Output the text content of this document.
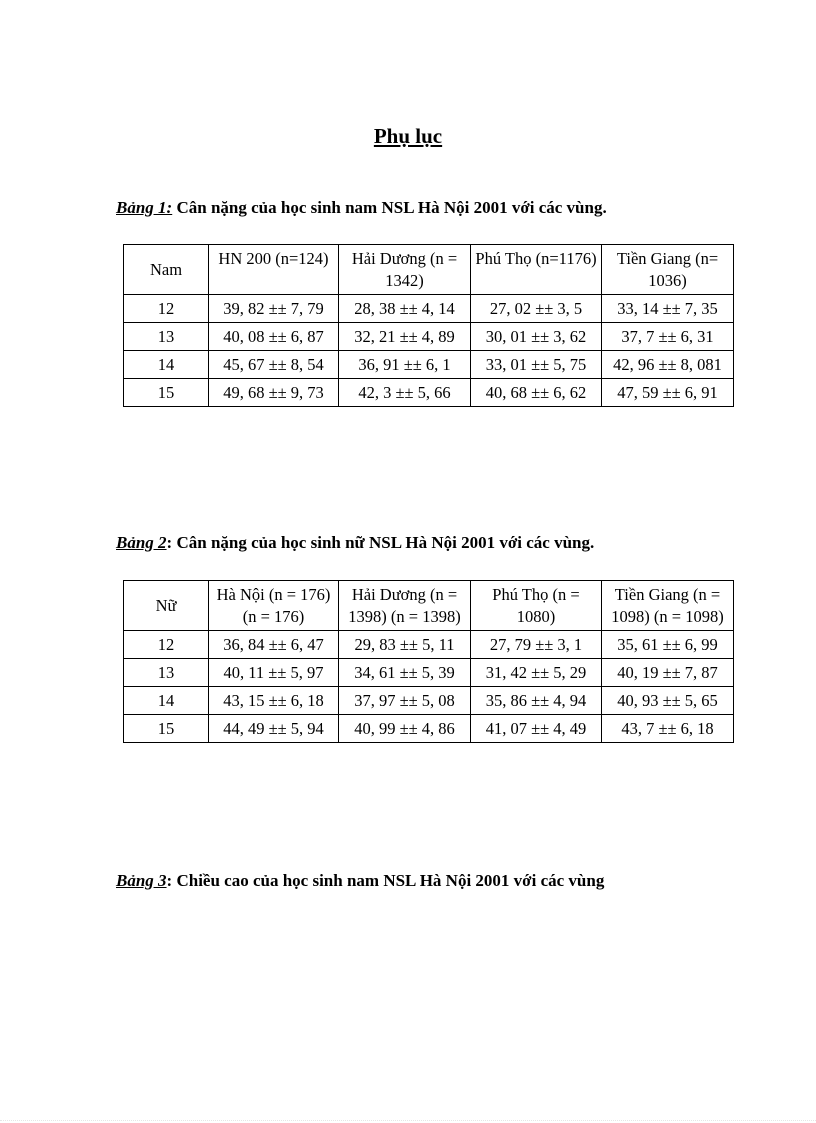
Phụ lục

Bảng 1: Cân nặng của học sinh nam NSL Hà Nội 2001 với các vùng.

Nam	HN 200 (n=124)	Hải Dương (n = 1342)	Phú Thọ (n=1176)	Tiền Giang (n= 1036)
12	39, 82 ±± 7, 79	28, 38 ±± 4, 14	27, 02 ±± 3, 5	33, 14 ±± 7, 35
13	40, 08 ±± 6, 87	32, 21 ±± 4, 89	30, 01 ±± 3, 62	37, 7 ±± 6, 31
14	45, 67 ±± 8, 54	36, 91 ±± 6, 1	33, 01 ±± 5, 75	42, 96 ±± 8, 081
15	49, 68 ±± 9, 73	42, 3 ±± 5, 66	40, 68 ±± 6, 62	47, 59 ±± 6, 91

Bảng 2: Cân nặng của học sinh nữ NSL Hà Nội 2001 với các vùng.

Nữ	Hà Nội (n = 176) (n = 176)	Hải Dương (n = 1398) (n = 1398)	Phú Thọ (n = 1080)	Tiền Giang (n = 1098) (n = 1098)
12	36, 84 ±± 6, 47	29, 83 ±± 5, 11	27, 79 ±± 3, 1	35, 61 ±± 6, 99
13	40, 11 ±± 5, 97	34, 61 ±± 5, 39	31, 42 ±± 5, 29	40, 19 ±± 7, 87
14	43, 15 ±± 6, 18	37, 97 ±± 5, 08	35, 86 ±± 4, 94	40, 93 ±± 5, 65
15	44, 49 ±± 5, 94	40, 99 ±± 4, 86	41, 07 ±± 4, 49	43, 7 ±± 6, 18

Bảng 3: Chiều cao của học sinh nam NSL Hà Nội 2001 với các vùng
